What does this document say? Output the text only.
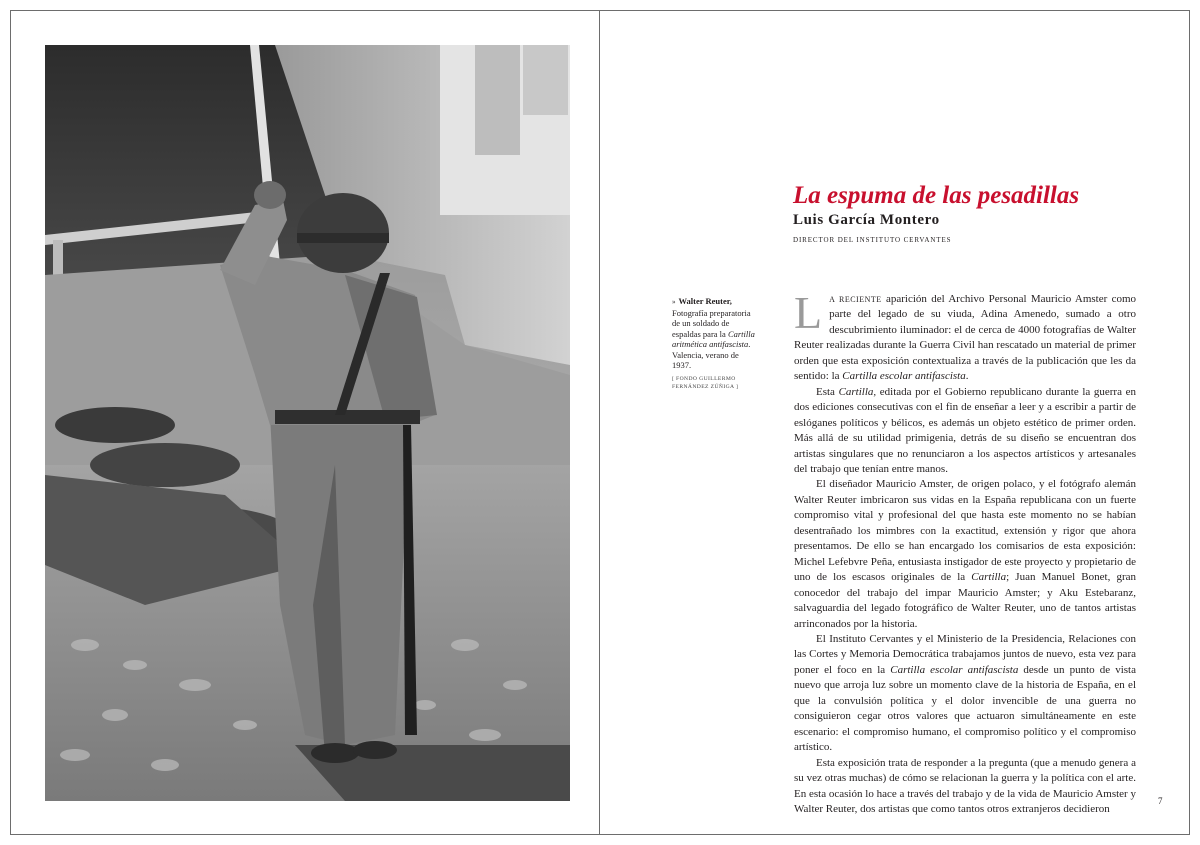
La espuma de las pesadillas

Luis García Montero

DIRECTOR DEL INSTITUTO CERVANTES

» Walter Reuter, Fotografía preparatoria de un soldado de espaldas para la Cartilla aritmética antifascista. Valencia, verano de 1937.
[ FONDO GUILLERMO FERNÁNDEZ ZÚÑIGA ]

L A RECIENTE aparición del Archivo Personal Mauricio Amster como parte del legado de su viuda, Adina Amenedo, sumado a otro descubrimiento iluminador: el de cerca de 4000 fotografías de Walter Reuter realizadas durante la Guerra Civil han rescatado un material de primer orden que esta exposición contextualiza a través de la publicación que les da sentido: la Cartilla escolar antifascista.

Esta Cartilla, editada por el Gobierno republicano durante la guerra en dos ediciones consecutivas con el fin de enseñar a leer y a escribir a partir de eslóganes políticos y bélicos, es además un objeto estético de primer orden. Más allá de su utilidad primigenia, detrás de su diseño se encuentran dos artistas singulares que no renunciaron a los aspectos artísticos y artesanales del trabajo que tenían entre manos.

El diseñador Mauricio Amster, de origen polaco, y el fotógrafo alemán Walter Reuter imbricaron sus vidas en la España republicana con un fuerte compromiso vital y profesional del que hasta este momento no se habían desentrañado los mimbres con la exactitud, extensión y rigor que ahora presentamos. De ello se han encargado los comisarios de esta exposición: Michel Lefebvre Peña, entusiasta instigador de este proyecto y propietario de uno de los escasos originales de la Cartilla; Juan Manuel Bonet, gran conocedor del trabajo del impar Mauricio Amster; y Aku Estebaranz, salvaguardia del legado fotográfico de Walter Reuter, uno de tantos artistas arrinconados por la historia.

El Instituto Cervantes y el Ministerio de la Presidencia, Relaciones con las Cortes y Memoria Democrática trabajamos juntos de nuevo, esta vez para poner el foco en la Cartilla escolar antifascista desde un punto de vista nuevo que arroja luz sobre un momento clave de la historia de España, en el que la convulsión política y el dolor invencible de una guerra no consiguieron cegar otros valores que actuaron simultáneamente en este escenario: el compromiso humano, el compromiso político y el compromiso artístico.

Esta exposición trata de responder a la pregunta (que a menudo genera a su vez otras muchas) de cómo se relacionan la guerra y la política con el arte. En esta ocasión lo hace a través del trabajo y de la vida de Mauricio Amster y Walter Reuter, dos artistas que como tantos otros extranjeros decidieron

7
